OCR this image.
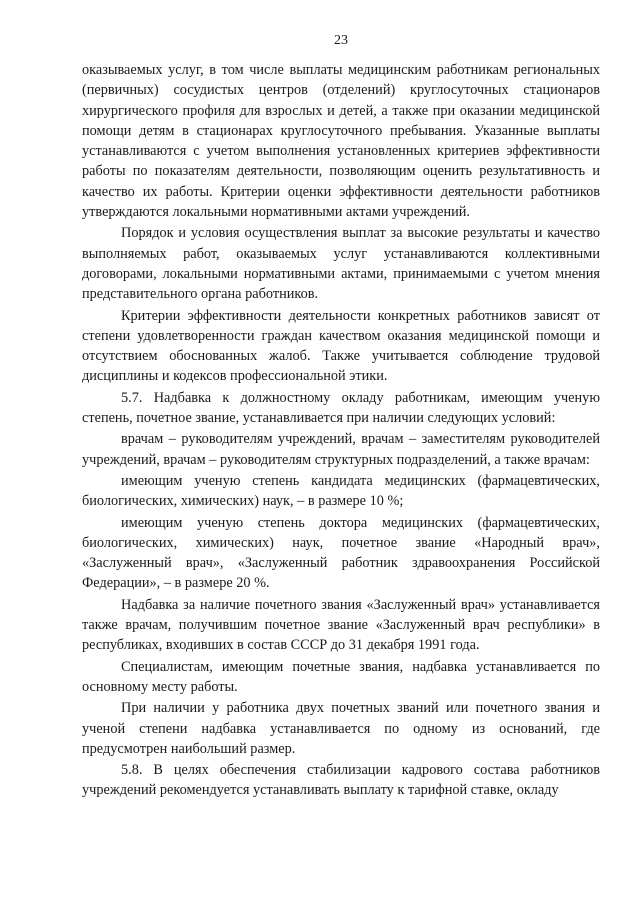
23

оказываемых услуг, в том числе выплаты медицинским работникам региональных (первичных) сосудистых центров (отделений) круглосуточных стационаров хирургического профиля для взрослых и детей, а также при оказании медицинской помощи детям в стационарах круглосуточного пребывания. Указанные выплаты устанавливаются с учетом выполнения установленных критериев эффективности работы по показателям деятельности, позволяющим оценить результативность и качество их работы. Критерии оценки эффективности деятельности работников утверждаются локальными нормативными актами учреждений.

Порядок и условия осуществления выплат за высокие результаты и качество выполняемых работ, оказываемых услуг устанавливаются коллективными договорами, локальными нормативными актами, принимаемыми с учетом мнения представительного органа работников.

Критерии эффективности деятельности конкретных работников зависят от степени удовлетворенности граждан качеством оказания медицинской помощи и отсутствием обоснованных жалоб. Также учитывается соблюдение трудовой дисциплины и кодексов профессиональной этики.

5.7. Надбавка к должностному окладу работникам, имеющим ученую степень, почетное звание, устанавливается при наличии следующих условий:

врачам – руководителям учреждений, врачам – заместителям руководителей учреждений, врачам – руководителям структурных подразделений, а также врачам:

имеющим ученую степень кандидата медицинских (фармацевтических, биологических, химических) наук, – в размере 10 %;

имеющим ученую степень доктора медицинских (фармацевтических, биологических, химических) наук, почетное звание «Народный врач», «Заслуженный врач», «Заслуженный работник здравоохранения Российской Федерации», – в размере 20 %.

Надбавка за наличие почетного звания «Заслуженный врач» устанавливается также врачам, получившим почетное звание «Заслуженный врач республики» в республиках, входивших в состав СССР до 31 декабря 1991 года.

Специалистам, имеющим почетные звания, надбавка устанавливается по основному месту работы.

При наличии у работника двух почетных званий или почетного звания и ученой степени надбавка устанавливается по одному из оснований, где предусмотрен наибольший размер.

5.8. В целях обеспечения стабилизации кадрового состава работников учреждений рекомендуется устанавливать выплату к тарифной ставке, окладу
